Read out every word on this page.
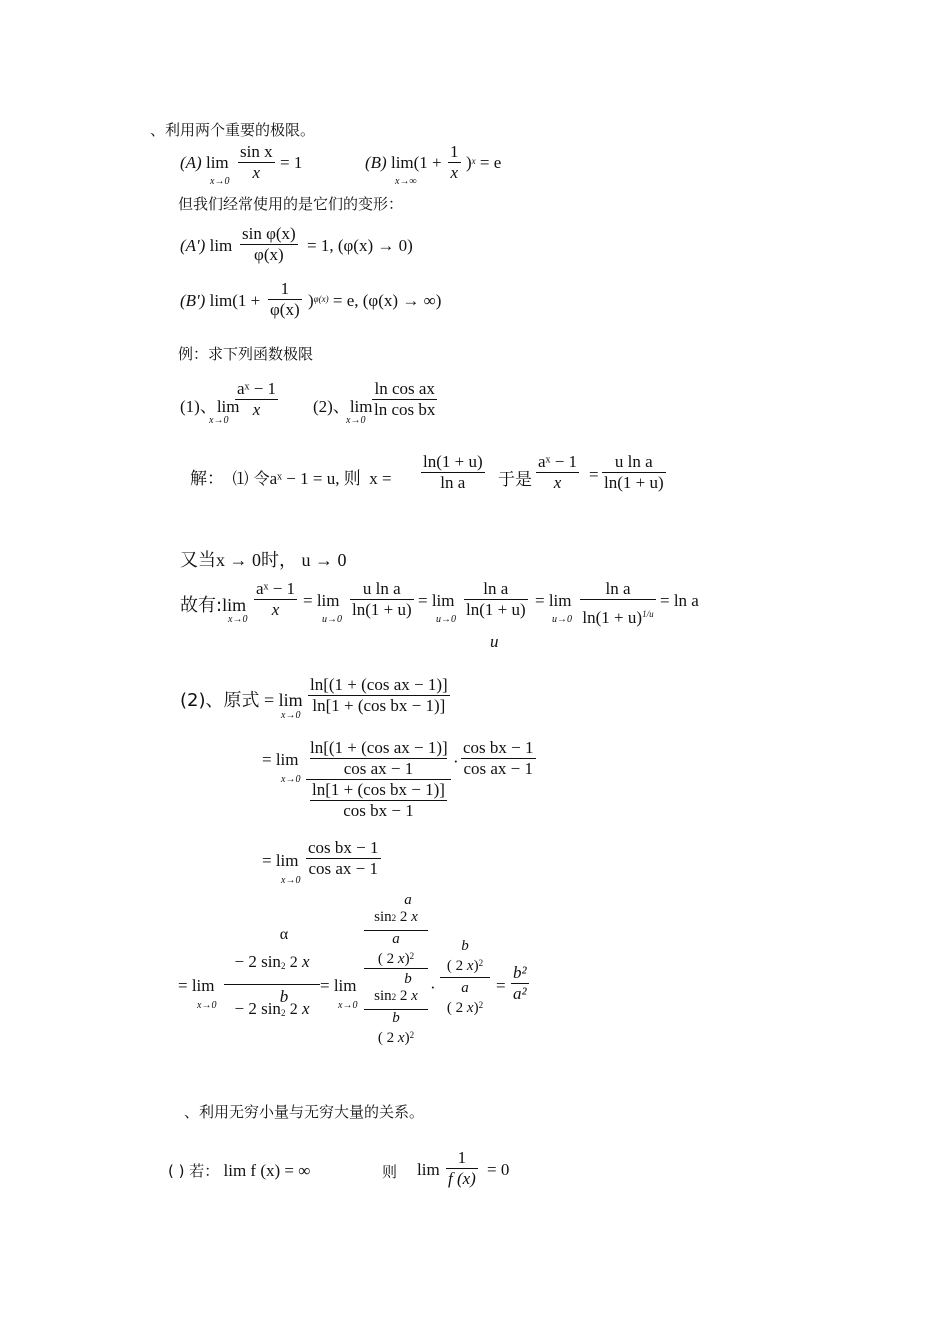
、利用两个重要的极限。
(A) lim
$x\to 0 \frac{\text{sin x}}{x} = 1$	(B) lim(1 +
$x\to\infty \frac{1}{x} )^x = e$
但我们经常使用的是它们的变形：
(A') $\lim \frac{\text{sin φ(x)}}{\varphi(x)} = 1$, (φ(x) → 0)
(B') $\lim(1 + \frac{1}{\varphi(x)} )^{\varphi(x)} = e$, (φ(x) → ∞)
例：求下列函数极限
(1)、lim
x→0
$\frac{\text{aˣ − 1}}{x} (2)$、lim
x→0
$\frac{\text{ln cos ax}}{\text{ln cos bx}}$
解： ⑴ 令aˣ − 1 = u, 则 $x = \frac{\ln(1 + u)}{\text{ln a}}$ 于是 $\frac{\text{aˣ − 1}}{x} = \frac{\text{u ln a}}{\ln(1 + u)}$
又当x → 0时， u → 0
故有:lim
$x\to 0 \frac{\text{aˣ − 1}}{x} = \lim$
$u\to 0 \frac{\text{u ln a}}{\ln(1 + u)} = \lim$
$u\to 0 \frac{\text{ln a}}{\ln(1 + u)}$
u
= lim
$u\to 0 \frac{\text{ln a}}{\ln(1 + u)^{1/u}} = \ln a$
(2)、原式 = lim
$x\to 0 \frac{\text{ln[(1 + (cos ax − 1)]}}{\text{ln[1 + (cos bx − 1)]}}$
= lim
x→0
ln[(1 + (cos ax − 1)]
cos ax − 1
ln[1 + (cos bx − 1)]
cos bx − 1
· $\frac{\text{cos bx − 1}}{\text{cos ax − 1}}$
= lim
x→0
$\frac{\text{cos bx − 1}}{\text{cos ax − 1}}$
= lim
x→0
α
− 2 sin2 2 x
b
− 2 sin2 2 x
= lim
x→0
a
sin2 2 x
a
( 2 x)$^2$
b
sin2 2 x
b
( 2 x)$^2$
·
b
( 2 x)$^2$
a
( 2 x)$^2$
= $\frac{\text{b²}}{\text{a²}}$
、利用无穷小量与无穷大量的关系。
( ) 若： lim f (x) = ∞	则 $\lim \frac{1}{f (x)} = 0$
